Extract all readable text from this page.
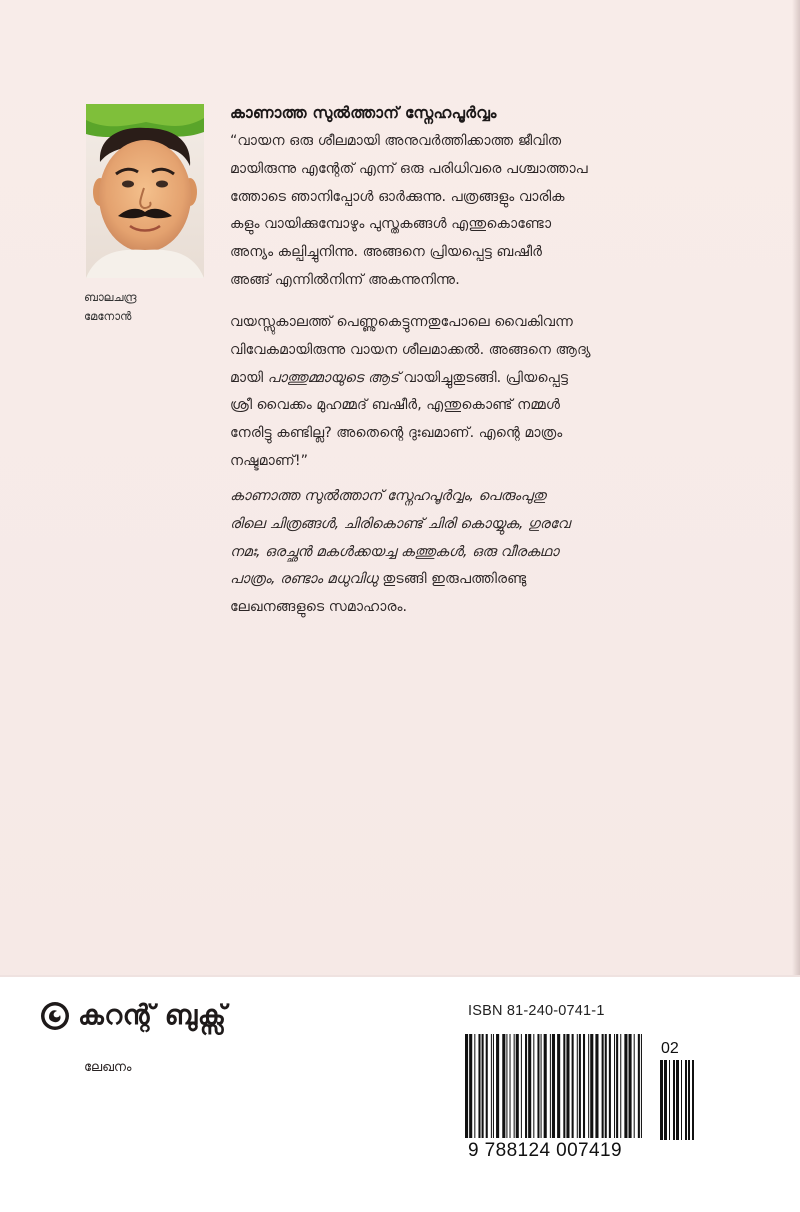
ബാലചന്ദ്ര
മേനോൻ
കാണാത്ത സുൽത്താന് സ്നേഹപൂർവ്വം
“വായന ഒരു ശീലമായി അനുവർത്തിക്കാത്ത ജീവിത
മായിരുന്നു എന്റേത് എന്ന് ഒരു പരിധിവരെ പശ്ചാത്താപ
ത്തോടെ ഞാനിപ്പോൾ ഓർക്കുന്നു. പത്രങ്ങളും വാരിക
കളും വായിക്കുമ്പോഴും പുസ്തകങ്ങൾ എന്തുകൊണ്ടോ
അന്യം കല്പിച്ചുനിന്നു. അങ്ങനെ പ്രിയപ്പെട്ട ബഷീർ
അങ്ങ് എന്നിൽനിന്ന് അകന്നുനിന്നു.
വയസ്സുകാലത്ത് പെണ്ണുകെട്ടുന്നതുപോലെ വൈകിവന്ന
വിവേകമായിരുന്നു വായന ശീലമാക്കൽ. അങ്ങനെ ആദ്യ
മായി പാത്തുമ്മായുടെ ആട് വായിച്ചുതുടങ്ങി. പ്രിയപ്പെട്ട
ശ്രീ വൈക്കം മുഹമ്മദ് ബഷീർ, എന്തുകൊണ്ട് നമ്മൾ
നേരിട്ടു കണ്ടില്ല? അതെന്റെ ദുഃഖമാണ്. എന്റെ മാത്രം
നഷ്ടമാണ്!”
കാണാത്ത സുൽത്താന് സ്നേഹപൂർവ്വം, പെരുംപുതു
രിലെ ചിത്രങ്ങൾ, ചിരികൊണ്ട് ചിരി കൊയ്യുക, ഗുരവേ
നമഃ, ഒരച്ഛൻ മകൾക്കയച്ച കത്തുകൾ, ഒരു വീരകഥാ
പാത്രം, രണ്ടാം മധുവിധു തുടങ്ങി ഇരുപത്തിരണ്ടു
ലേഖനങ്ങളുടെ സമാഹാരം.
കറന്റ് ബുക്സ്
ലേഖനം
ISBN 81-240-0741-1
9 788124 007419
02
